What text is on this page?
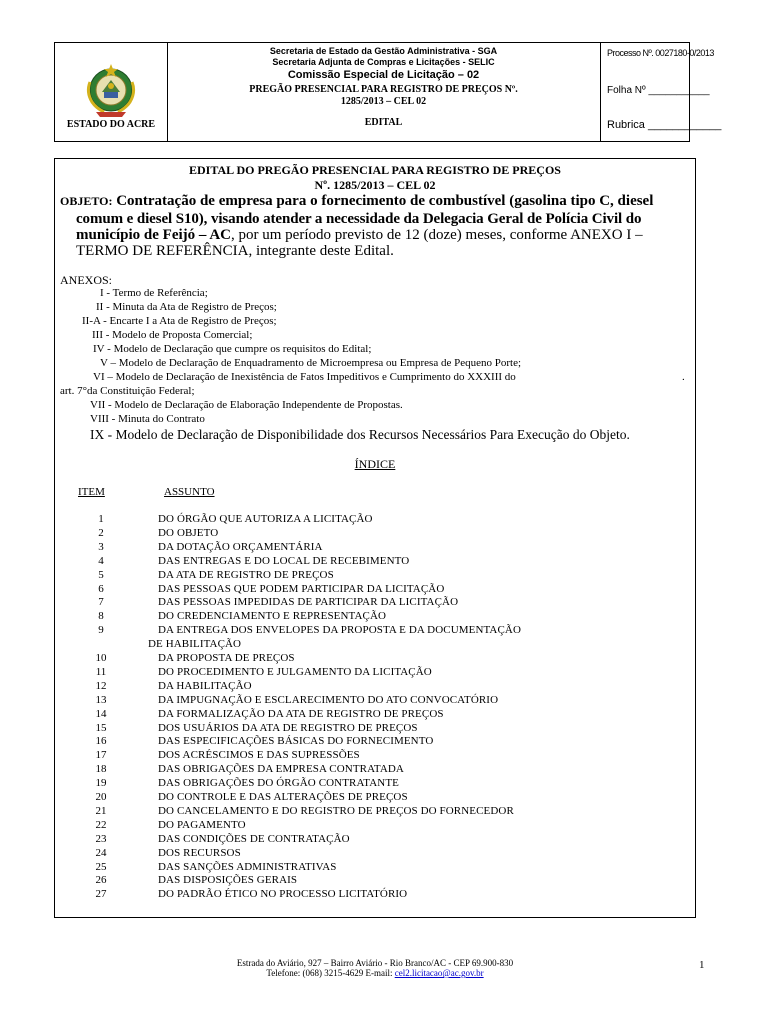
ESTADO DO ACRE
Secretaria de Estado da Gestão Administrativa - SGA
Secretaria Adjunta de Compras e Licitações - SELIC
Comissão Especial de Licitação – 02
PREGÃO PRESENCIAL PARA REGISTRO DE PREÇOS Nº.
1285/2013 – CEL 02
EDITAL
Processo Nº. 0027180-0/2013
Folha Nº ___________
Rubrica ____________
EDITAL DO PREGÃO PRESENCIAL PARA REGISTRO DE PREÇOS
Nº. 1285/2013 – CEL 02
OBJETO: Contratação de empresa para o fornecimento de combustível (gasolina tipo C, diesel
comum e diesel S10), visando atender a necessidade da Delegacia Geral de Polícia Civil do
município de Feijó – AC, por um período previsto de 12 (doze) meses, conforme ANEXO I –
TERMO DE REFERÊNCIA, integrante deste Edital.
ANEXOS:
I - Termo de Referência;
II - Minuta da Ata de Registro de Preços;
II-A - Encarte I a Ata de Registro de Preços;
III - Modelo de Proposta Comercial;
IV - Modelo de Declaração que cumpre os requisitos do Edital;
V – Modelo de Declaração de Enquadramento de Microempresa ou Empresa de Pequeno Porte;
VI – Modelo de Declaração de Inexistência de Fatos Impeditivos e Cumprimento do XXXIII do	.
art. 7°da Constituição Federal;
VII - Modelo de Declaração de Elaboração Independente de Propostas.
VIII - Minuta do Contrato
IX - Modelo de Declaração de Disponibilidade dos Recursos Necessários Para Execução do Objeto.
ÍNDICE
ITEM	ASSUNTO
1	DO ÓRGÃO QUE AUTORIZA A LICITAÇÃO
2	DO OBJETO
3	DA DOTAÇÃO ORÇAMENTÁRIA
4	DAS ENTREGAS E DO LOCAL DE RECEBIMENTO
5	DA ATA DE REGISTRO DE PREÇOS
6	DAS PESSOAS QUE PODEM PARTICIPAR DA LICITAÇÃO
7	DAS PESSOAS IMPEDIDAS DE PARTICIPAR DA LICITAÇÃO
8	DO CREDENCIAMENTO E REPRESENTAÇÃO
9	DA ENTREGA DOS ENVELOPES DA PROPOSTA E DA DOCUMENTAÇÃO
DE HABILITAÇÃO
10	DA PROPOSTA DE PREÇOS
11	DO PROCEDIMENTO E JULGAMENTO DA LICITAÇÃO
12	DA HABILITAÇÃO
13	DA IMPUGNAÇÃO E ESCLARECIMENTO DO ATO CONVOCATÓRIO
14	DA FORMALIZAÇÃO DA ATA DE REGISTRO DE PREÇOS
15	DOS USUÁRIOS DA ATA DE REGISTRO DE PREÇOS
16	DAS ESPECIFICAÇÕES BÁSICAS DO FORNECIMENTO
17	DOS ACRÉSCIMOS E DAS SUPRESSÕES
18	DAS OBRIGAÇÕES DA EMPRESA CONTRATADA
19	DAS OBRIGAÇÕES DO ÓRGÃO CONTRATANTE
20	DO CONTROLE E DAS ALTERAÇÕES DE PREÇOS
21	DO CANCELAMENTO E DO REGISTRO DE PREÇOS DO FORNECEDOR
22	DO PAGAMENTO
23	DAS CONDIÇÕES DE CONTRATAÇÃO
24	DOS RECURSOS
25	DAS SANÇÕES ADMINISTRATIVAS
26	DAS DISPOSIÇÕES GERAIS
27	DO PADRÃO ÉTICO NO PROCESSO LICITATÓRIO
Estrada do Aviário, 927 – Bairro Aviário - Rio Branco/AC - CEP 69.900-830
Telefone: (068) 3215-4629 E-mail: cel2.licitacao@ac.gov.br
1
